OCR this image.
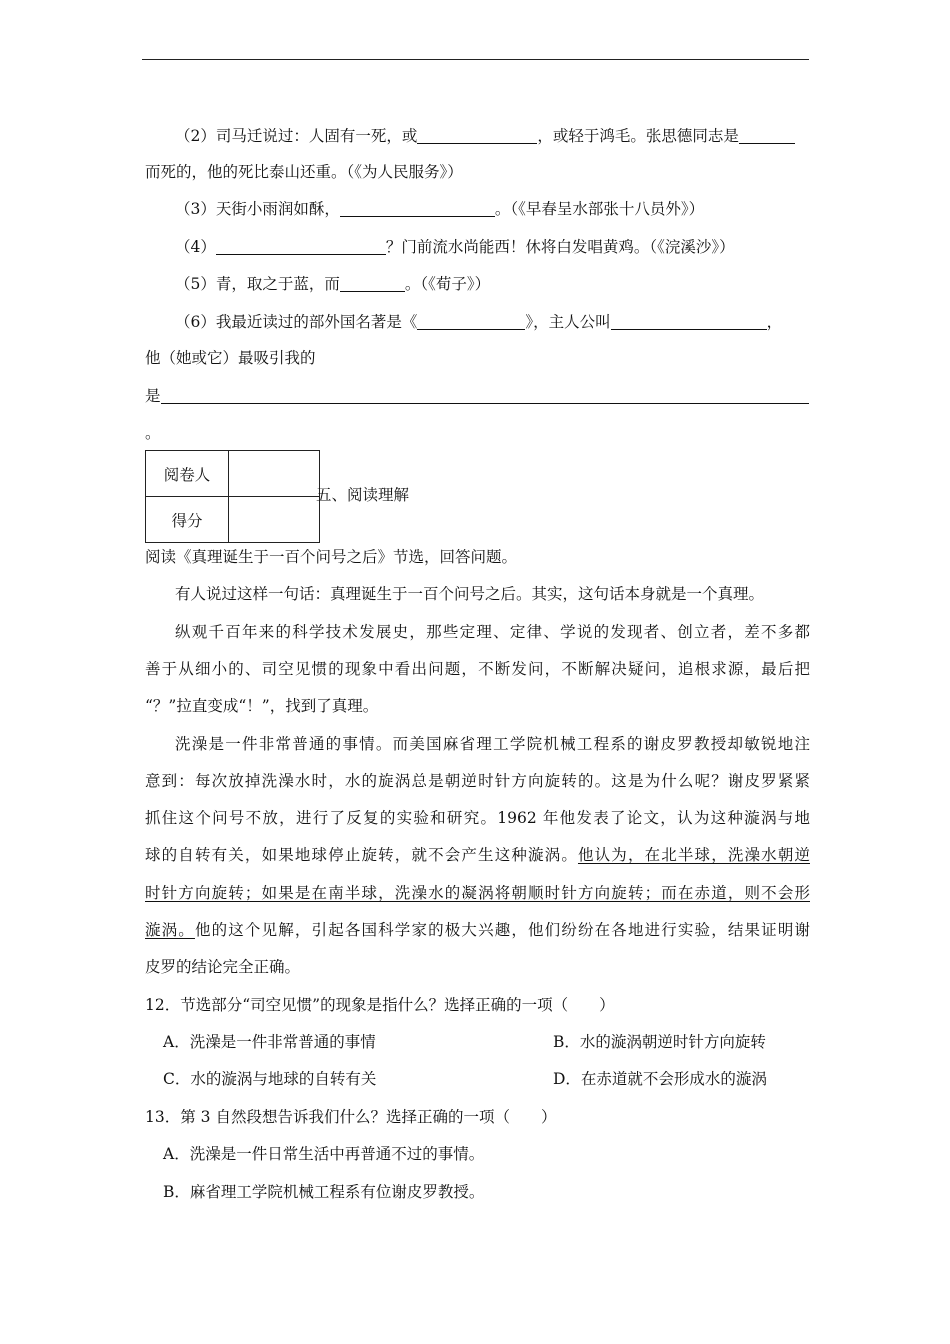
（2）司马迁说过：人固有一死，或	，或轻于鸿毛。张思德同志是
而死的，他的死比泰山还重。（《为人民服务》）
（3）天街小雨润如酥，	。（《早春呈水部张十八员外》）
（4）	？门前流水尚能西！休将白发唱黄鸡。（《浣溪沙》）
（5）青，取之于蓝，而	。（《荀子》）
（6）我最近读过的部外国名著是《	》，主人公叫	，
他（她或它）最吸引我的
是
。
阅卷人	
得分	
五、阅读理解
阅读《真理诞生于一百个问号之后》节选，回答问题。
有人说过这样一句话：真理诞生于一百个问号之后。其实，这句话本身就是一个真理。
纵观千百年来的科学技术发展史，那些定理、定律、学说的发现者、创立者，差不多都
善于从细小的、司空见惯的现象中看出问题，不断发问，不断解决疑问，追根求源，最后把
“？”拉直变成“！”，找到了真理。
洗澡是一件非常普通的事情。而美国麻省理工学院机械工程系的谢皮罗教授却敏锐地注
意到：每次放掉洗澡水时，水的旋涡总是朝逆时针方向旋转的。这是为什么呢？谢皮罗紧紧
抓住这个问号不放，进行了反复的实验和研究。1962 年他发表了论文，认为这种漩涡与地
球的自转有关，如果地球停止旋转，就不会产生这种漩涡。他认为，在北半球，洗澡水朝逆
时针方向旋转；如果是在南半球，洗澡水的凝涡将朝顺时针方向旋转；而在赤道，则不会形
漩涡。他的这个见解，引起各国科学家的极大兴趣，他们纷纷在各地进行实验，结果证明谢
皮罗的结论完全正确。
12．节选部分“司空见惯”的现象是指什么？选择正确的一项（　　）
A．洗澡是一件非常普通的事情	B．水的漩涡朝逆时针方向旋转
C．水的漩涡与地球的自转有关	D．在赤道就不会形成水的漩涡
13．第 3 自然段想告诉我们什么？选择正确的一项（　　）
A．洗澡是一件日常生活中再普通不过的事情。
B．麻省理工学院机械工程系有位谢皮罗教授。
